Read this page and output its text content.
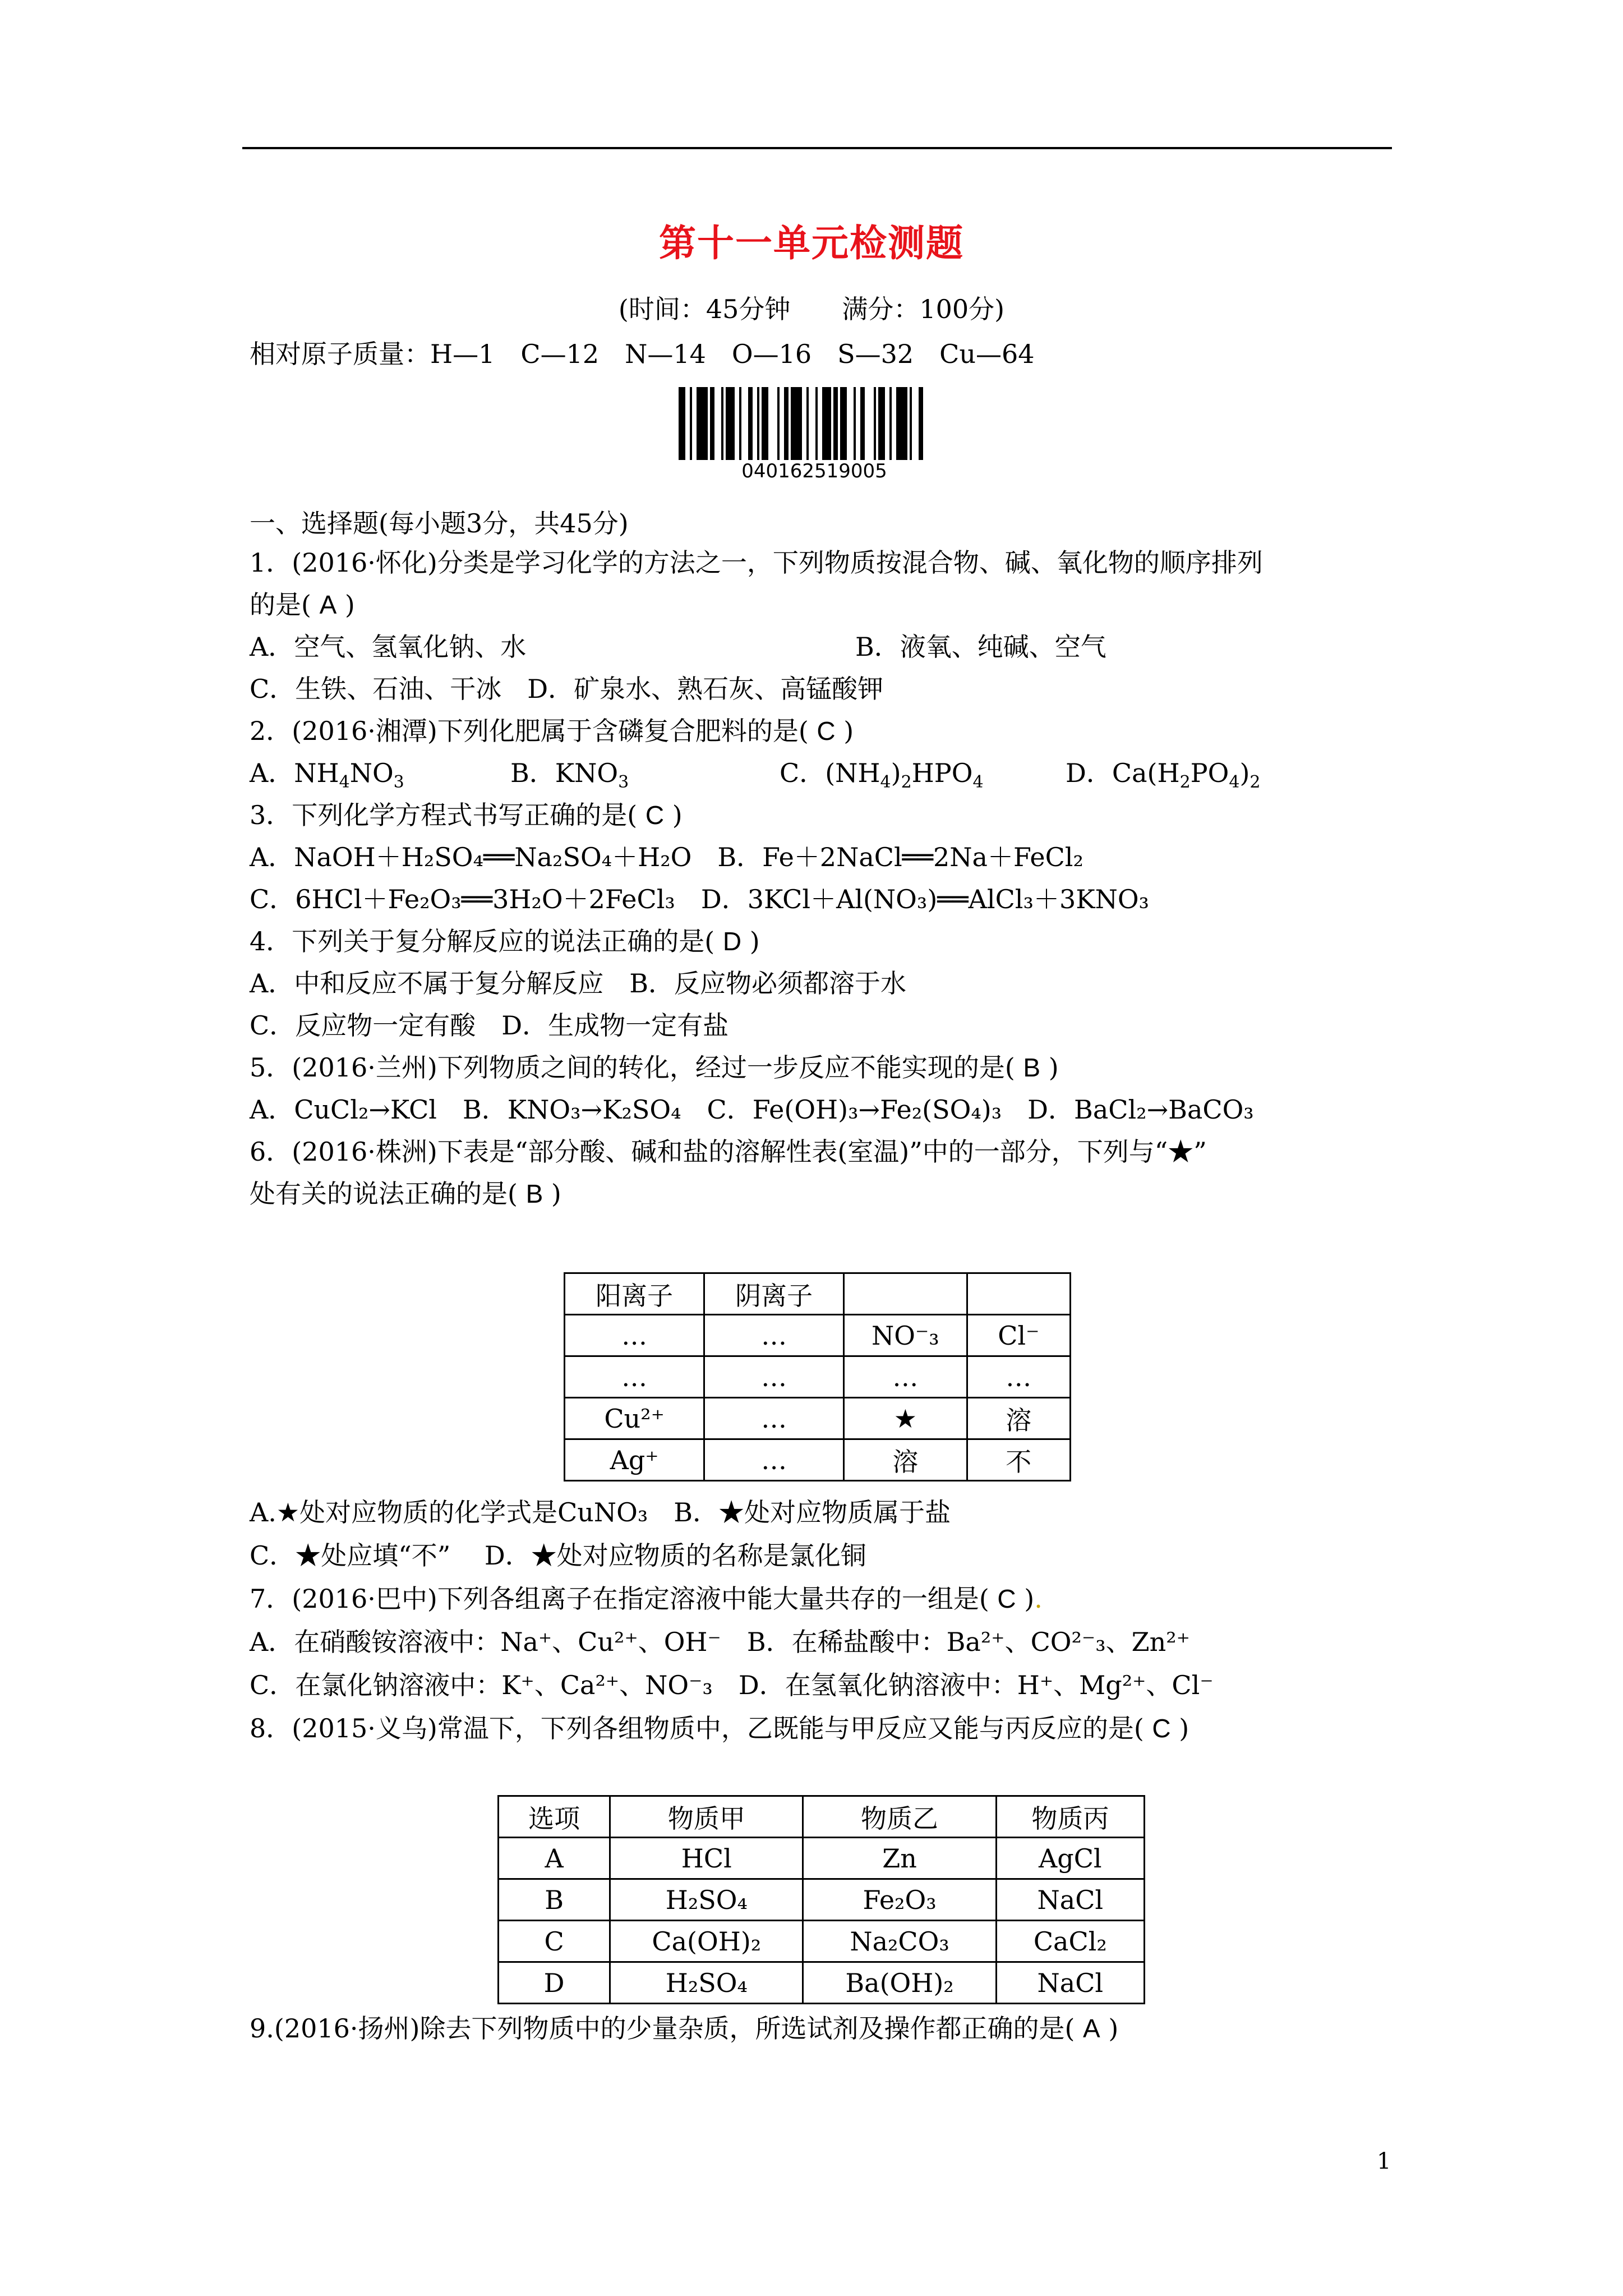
第十一单元检测题
(时间：45分钟　　满分：100分)
相对原子质量：H—1　C—12　N—14　O—16　S—32　Cu—64
040162519005
一、选择题(每小题3分，共45分)
1．(2016·怀化)分类是学习化学的方法之一，下列物质按混合物、碱、氧化物的顺序排列
的是( A )
A．空气、氢氧化钠、水	B．液氧、纯碱、空气
C．生铁、石油、干冰　D．矿泉水、熟石灰、高锰酸钾
2．(2016·湘潭)下列化肥属于含磷复合肥料的是( C )
A．$NH_4NO_3$	B．$KNO_3$	C．$(NH_4)_2HPO_4$	D．$Ca(H_2PO_4)_2$
3．下列化学方程式书写正确的是( C )
A．NaOH＋H₂SO₄══Na₂SO₄＋H₂O　B．Fe＋2NaCl══2Na＋FeCl₂
C．6HCl＋Fe₂O₃══3H₂O＋2FeCl₃　D．3KCl＋Al(NO₃)══AlCl₃＋3KNO₃
4．下列关于复分解反应的说法正确的是( D )
A．中和反应不属于复分解反应　B．反应物必须都溶于水
C．反应物一定有酸　D．生成物一定有盐
5．(2016·兰州)下列物质之间的转化，经过一步反应不能实现的是( B )
A．CuCl₂→KCl　B．KNO₃→K₂SO₄　C．Fe(OH)₃→Fe₂(SO₄)₃　D．BaCl₂→BaCO₃
6．(2016·株洲)下表是“部分酸、碱和盐的溶解性表(室温)”中的一部分，下列与“★”
处有关的说法正确的是( B )
阳离子	阴离子		
…	…	NO⁻₃	Cl⁻
…	…	…	…
Cu²⁺	…	★	溶
Ag⁺	…	溶	不
A.★处对应物质的化学式是CuNO₃　B．★处对应物质属于盐
C．★处应填“不”　 D．★处对应物质的名称是氯化铜
7．(2016·巴中)下列各组离子在指定溶液中能大量共存的一组是( C ).
A．在硝酸铵溶液中：Na⁺、Cu²⁺、OH⁻　B．在稀盐酸中：Ba²⁺、CO²⁻₃、Zn²⁺
C．在氯化钠溶液中：K⁺、Ca²⁺、NO⁻₃　D．在氢氧化钠溶液中：H⁺、Mg²⁺、Cl⁻
8．(2015·义乌)常温下，下列各组物质中，乙既能与甲反应又能与丙反应的是( C )
选项	物质甲	物质乙	物质丙
A	HCl	Zn	AgCl
B	H₂SO₄	Fe₂O₃	NaCl
C	Ca(OH)₂	Na₂CO₃	CaCl₂
D	H₂SO₄	Ba(OH)₂	NaCl
9.(2016·扬州)除去下列物质中的少量杂质，所选试剂及操作都正确的是( A )
1
